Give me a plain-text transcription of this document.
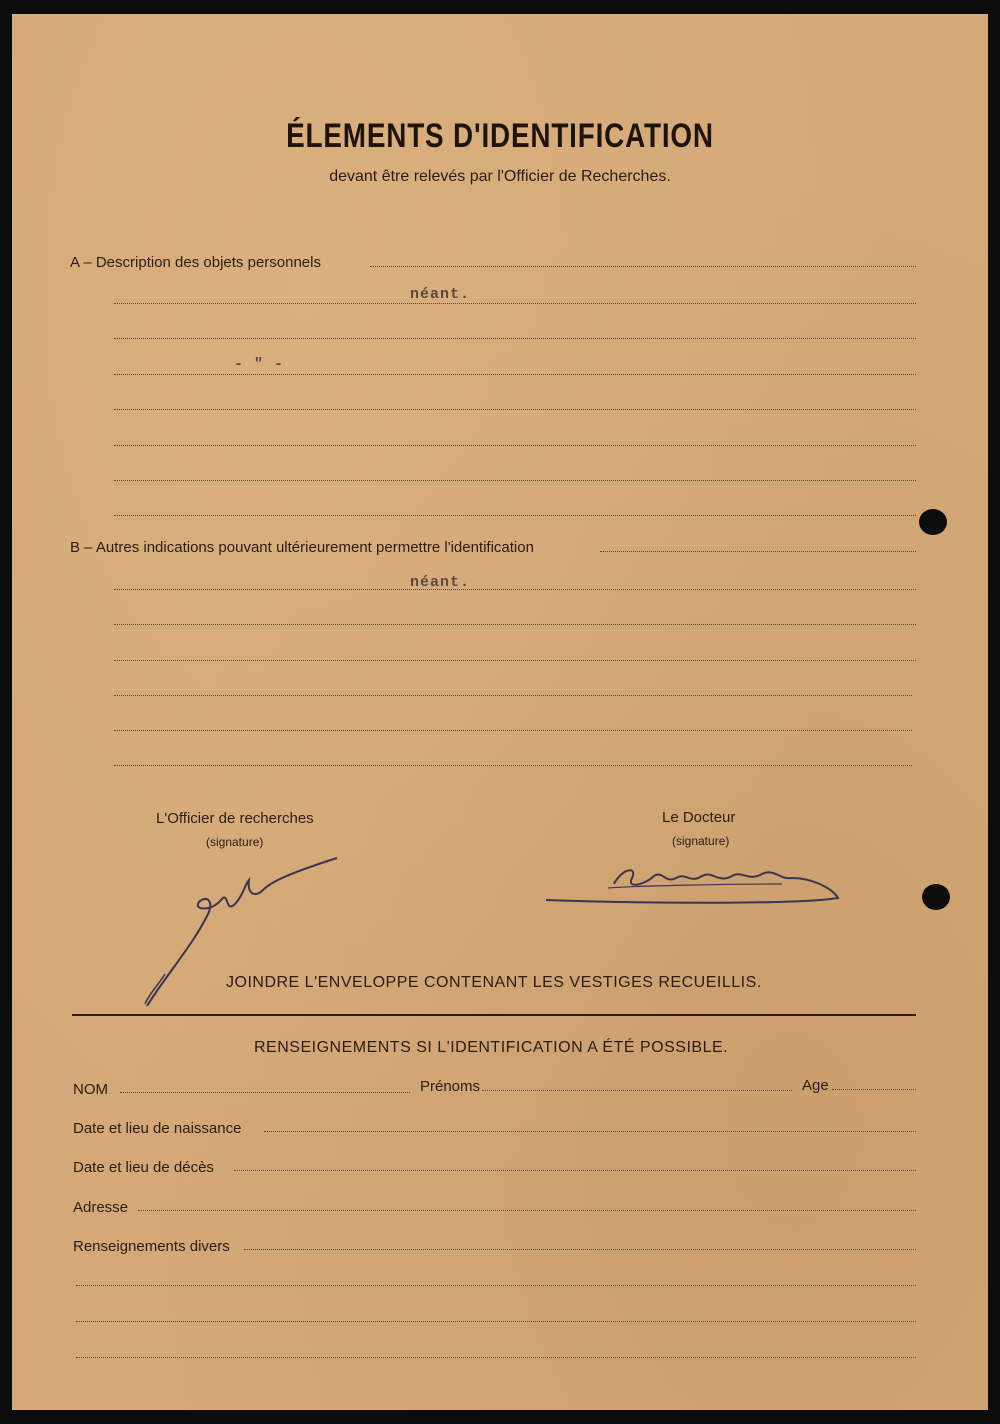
ÉLEMENTS D'IDENTIFICATION
devant être relevés par l'Officier de Recherches.
A – Description des objets personnels
néant.
- " -
B – Autres indications pouvant ultérieurement permettre l'identification
néant.
L'Officier de recherches
(signature)
Le Docteur
(signature)
JOINDRE L'ENVELOPPE CONTENANT LES VESTIGES RECUEILLIS.
RENSEIGNEMENTS SI L'IDENTIFICATION A ÉTÉ POSSIBLE.
NOM	Prénoms	Age
Date et lieu de naissance
Date et lieu de décès
Adresse
Renseignements divers
